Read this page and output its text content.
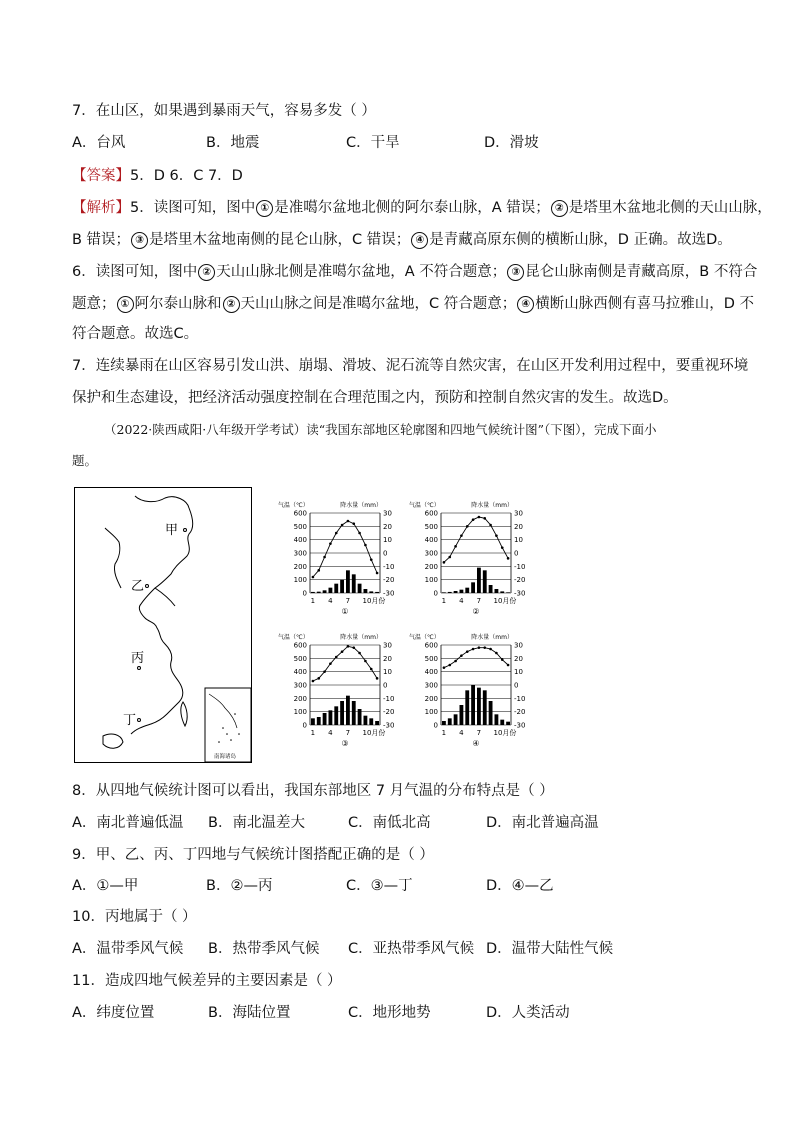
7．在山区，如果遇到暴雨天气，容易多发（ ）
A．台风	B．地震	C．干旱	D．滑坡
【答案】5．D 6．C 7．D
【解析】5．读图可知，图中 ① 是准噶尔盆地北侧的阿尔泰山脉，A 错误； ② 是塔里木盆地北侧的天山山脉，
B 错误； ③ 是塔里木盆地南侧的昆仑山脉，C 错误； ④ 是青藏高原东侧的横断山脉，D 正确。故选D。
6．读图可知，图中 ② 天山山脉北侧是准噶尔盆地，A 不符合题意； ③ 昆仑山脉南侧是青藏高原，B 不符合
题意； ① 阿尔泰山脉和 ② 天山山脉之间是准噶尔盆地，C 符合题意； ④ 横断山脉西侧有喜马拉雅山，D 不
符合题意。故选C。
7．连续暴雨在山区容易引发山洪、崩塌、滑坡、泥石流等自然灾害，在山区开发利用过程中，要重视环境
保护和生态建设，把经济活动强度控制在合理范围之内，预防和控制自然灾害的发生。故选D。
（2022·陕西咸阳·八年级开学考试）读“我国东部地区轮廓图和四地气候统计图”（下图），完成下面小
题。
南海诸岛
甲
乙
丙
丁
气温（℃）	降水量（mm）
600	30
500	20
400	10
300	0
200	-10
100	-20
0	-30
1 4 7 10月份
①
气温（℃）	降水量（mm）
600	30
500	20
400	10
300	0
200	-10
100	-20
0	-30
1 4 7 10月份
②
气温（℃）	降水量（mm）
600	30
500	20
400	10
300	0
200	-10
100	-20
0	-30
1 4 7 10月份
③
气温（℃）	降水量（mm）
600	30
500	20
400	10
300	0
200	-10
100	-20
0	-30
1 4 7 10月份
④
8．从四地气候统计图可以看出，我国东部地区 7 月气温的分布特点是（ ）
A．南北普遍低温 B．南北温差大	C．南低北高	D．南北普遍高温
9．甲、乙、丙、丁四地与气候统计图搭配正确的是（ ）
A．①—甲	B．②—丙	C．③—丁	D．④—乙
10．丙地属于（ ）
A．温带季风气候 B．热带季风气候 C．亚热带季风气候 D．温带大陆性气候
11．造成四地气候差异的主要因素是（ ）
A．纬度位置	B．海陆位置	C．地形地势	D．人类活动
